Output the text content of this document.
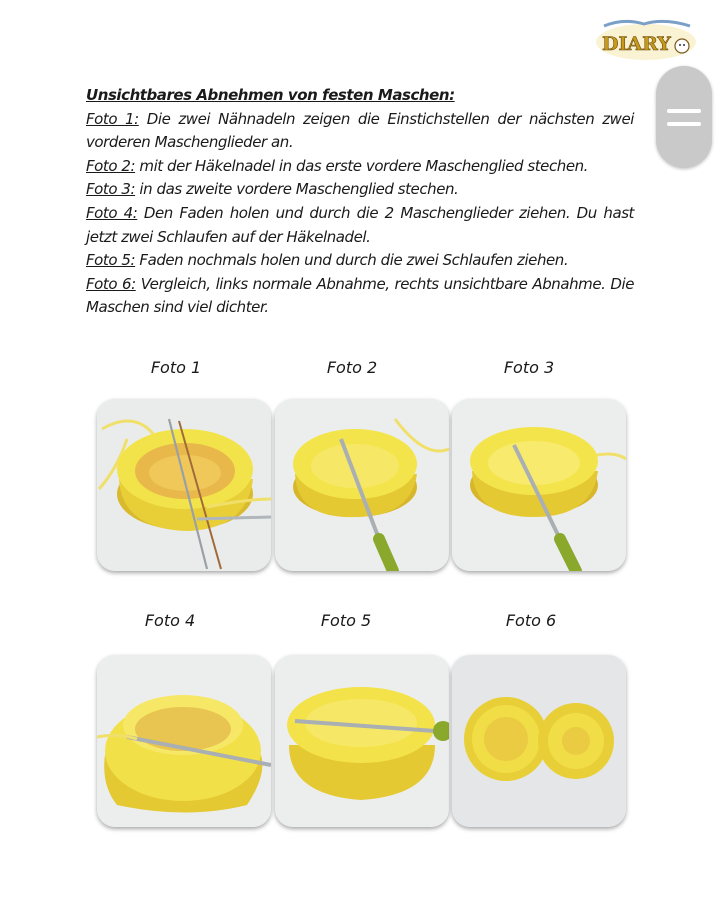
DIARY

Unsichtbares Abnehmen von festen Maschen:

Foto 1: Die zwei Nähnadeln zeigen die Einstichstellen der nächsten zwei vorderen Maschenglieder an.

Foto 2: mit der Häkelnadel in das erste vordere Maschenglied stechen.

Foto 3: in das zweite vordere Maschenglied stechen.

Foto 4: Den Faden holen und durch die 2 Maschenglieder ziehen. Du hast jetzt zwei Schlaufen auf der Häkelnadel.

Foto 5: Faden nochmals holen und durch die zwei Schlaufen ziehen.

Foto 6: Vergleich, links normale Abnahme, rechts unsichtbare Abnahme. Die Maschen sind viel dichter.

Foto 1	Foto 2	Foto 3
Foto 4	Foto 5	Foto 6
